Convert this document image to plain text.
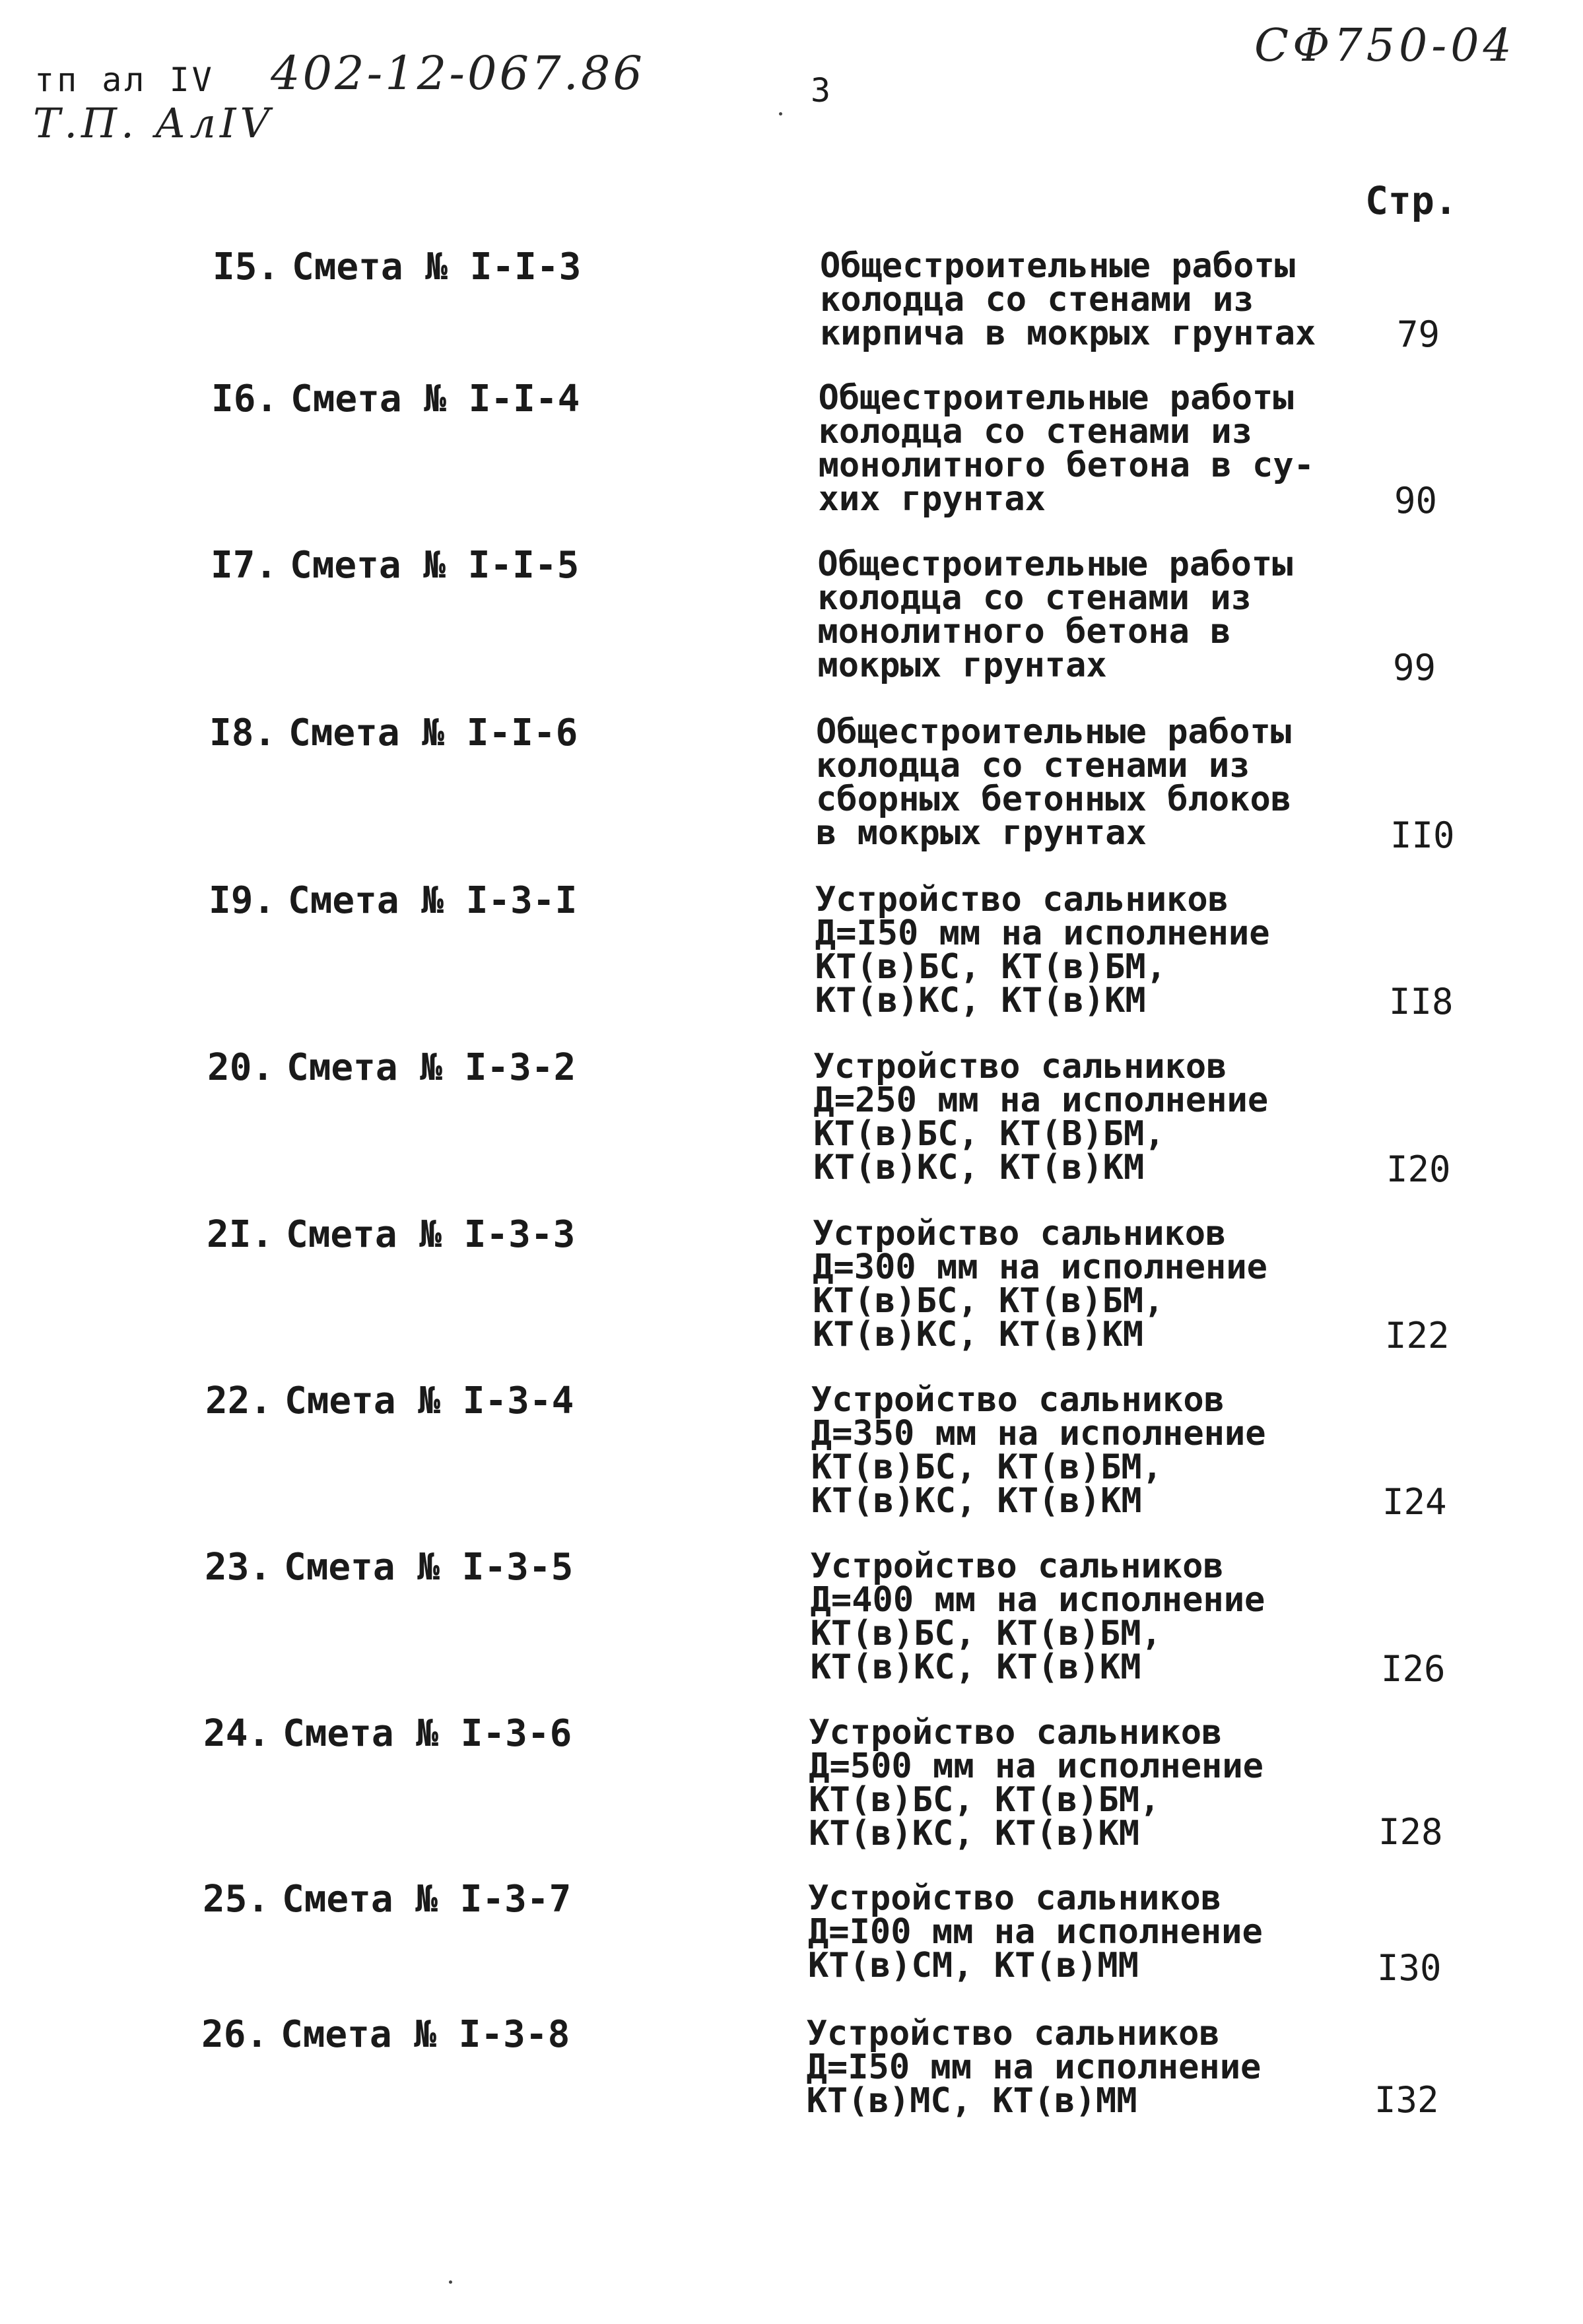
тп ал IV 402-12-067.86
Т.П. АлIV
СФ750-04
3
Стр.
I5. Смета № I-I-3	Общестроительные работы
колодца со стенами из
кирпича в мокрых грунтах 79
I6. Смета № I-I-4	Общестроительные работы
колодца со стенами из
монолитного бетона в су-
хих грунтах	90
I7. Смета № I-I-5	Общестроительные работы
колодца со стенами из
монолитного бетона в
мокрых грунтах	99
I8. Смета № I-I-6	Общестроительные работы
колодца со стенами из
сборных бетонных блоков
в мокрых грунтах	II0
I9. Смета № I-3-I	Устройство сальников
Д=I50 мм на исполнение
КТ(в)БС, КТ(в)БМ,
КТ(в)КС, КТ(в)КМ	II8
20. Смета № I-3-2	Устройство сальников
Д=250 мм на исполнение
КТ(в)БС, КТ(В)БМ,
КТ(в)КС, КТ(в)КМ	I20
2I. Смета № I-3-3	Устройство сальников
Д=300 мм на исполнение
КТ(в)БС, КТ(в)БМ,
КТ(в)КС, КТ(в)КМ	I22
22. Смета № I-3-4	Устройство сальников
Д=350 мм на исполнение
КТ(в)БС, КТ(в)БМ,
КТ(в)КС, КТ(в)КМ	I24
23. Смета № I-3-5	Устройство сальников
Д=400 мм на исполнение
КТ(в)БС, КТ(в)БМ,
КТ(в)КС, КТ(в)КМ	I26
24. Смета № I-3-6	Устройство сальников
Д=500 мм на исполнение
КТ(в)БС, КТ(в)БМ,
КТ(в)КС, КТ(в)КМ	I28
25. Смета № I-3-7	Устройство сальников
Д=I00 мм на исполнение
КТ(в)СМ, КТ(в)ММ	I30
26. Смета № I-3-8	Устройство сальников
Д=I50 мм на исполнение
КТ(в)МС, КТ(в)ММ	I32
